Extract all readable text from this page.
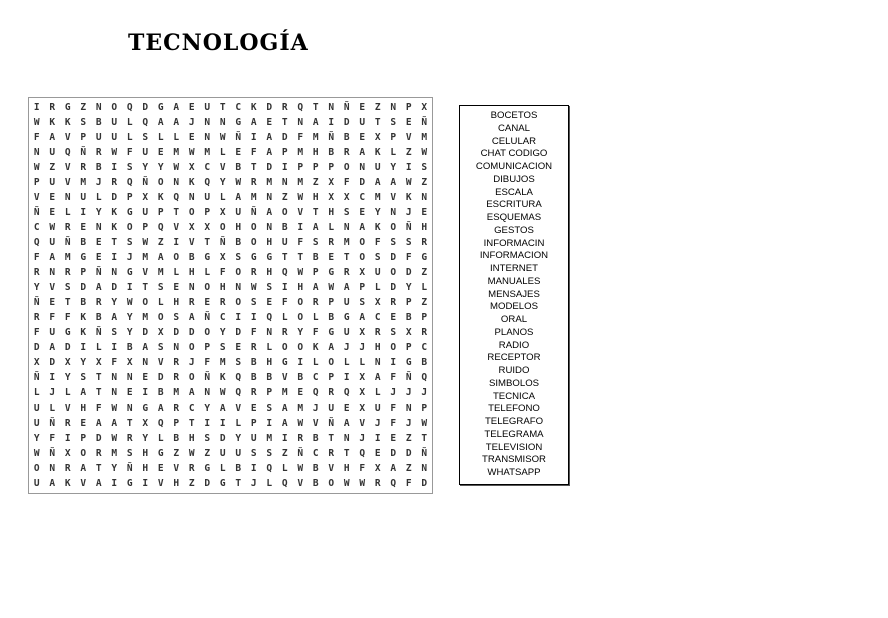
TECNOLOGÍA
I	R	G	Z	N	O	Q	D	G	A	E	U	T	C	K	D	R	Q	T	N	Ñ	E	Z	N	P	X
W	K	K	S	B	U	L	Q	A	A	J	N	N	G	A	E	T	N	A	I	D	U	T	S	E	Ñ
F	A	V	P	U	U	L	S	L	L	E	N	W	Ñ	I	A	D	F	M	Ñ	B	E	X	P	V	M
N	U	Q	Ñ	R	W	F	U	E	M	W	M	L	E	F	A	P	M	H	B	R	A	K	L	Z	W
W	Z	V	R	B	I	S	Y	Y	W	X	C	V	B	T	D	I	P	P	P	O	N	U	Y	I	S
P	U	V	M	J	R	Q	Ñ	O	N	K	Q	Y	W	R	M	N	M	Z	X	F	D	A	A	W	Z
V	E	N	U	L	D	P	X	K	Q	N	U	L	A	M	N	Z	W	H	X	X	C	M	V	K	N
Ñ	E	L	I	Y	K	G	U	P	T	O	P	X	U	Ñ	A	O	V	T	H	S	E	Y	N	J	E
C	W	R	E	N	K	O	P	Q	V	X	X	O	H	O	N	B	I	A	L	N	A	K	O	Ñ	H
Q	U	Ñ	B	E	T	S	W	Z	I	V	T	Ñ	B	O	H	U	F	S	R	M	O	F	S	S	R
F	A	M	G	E	I	J	M	A	O	B	G	X	S	G	G	T	T	B	E	T	O	S	D	F	G
R	N	R	P	Ñ	N	G	V	M	L	H	L	F	O	R	H	Q	W	P	G	R	X	U	O	D	Z
Y	V	S	D	A	D	I	T	S	E	N	O	H	N	W	S	I	H	A	W	A	P	L	D	Y	L
Ñ	E	T	B	R	Y	W	O	L	H	R	E	R	O	S	E	F	O	R	P	U	S	X	R	P	Z
R	F	F	K	B	A	Y	M	O	S	A	Ñ	C	I	I	Q	L	O	L	B	G	A	C	E	B	P
F	U	G	K	Ñ	S	Y	D	X	D	D	O	Y	D	F	N	R	Y	F	G	U	X	R	S	X	R
D	A	D	I	L	I	B	A	S	N	O	P	S	E	R	L	O	O	K	A	J	J	H	O	P	C
X	D	X	Y	X	F	X	N	V	R	J	F	M	S	B	H	G	I	L	O	L	L	N	I	G	B
Ñ	I	Y	S	T	N	N	E	D	R	O	Ñ	K	Q	B	B	V	B	C	P	I	X	A	F	Ñ	Q
L	J	L	A	T	N	E	I	B	M	A	N	W	Q	R	P	M	E	Q	R	Q	X	L	J	J	J
U	L	V	H	F	W	N	G	A	R	C	Y	A	V	E	S	A	M	J	U	E	X	U	F	N	P
U	Ñ	R	E	A	A	T	X	Q	P	T	I	I	L	P	I	A	W	V	Ñ	A	V	J	F	J	W
Y	F	I	P	D	W	R	Y	L	B	H	S	D	Y	U	M	I	R	B	T	N	J	I	E	Z	T
W	Ñ	X	O	R	M	S	H	G	Z	W	Z	U	U	S	S	Z	Ñ	C	R	T	Q	E	D	D	Ñ
O	N	R	A	T	Y	Ñ	H	E	V	R	G	L	B	I	Q	L	W	B	V	H	F	X	A	Z	N
U	A	K	V	A	I	G	I	V	H	Z	D	G	T	J	L	Q	V	B	O	W	W	R	Q	F	D
BOCETOS
CANAL
CELULAR
CHAT CODIGO
COMUNICACION
DIBUJOS
ESCALA
ESCRITURA
ESQUEMAS
GESTOS
INFORMACIN
INFORMACION
INTERNET
MANUALES
MENSAJES
MODELOS
ORAL
PLANOS
RADIO
RECEPTOR
RUIDO
SIMBOLOS
TECNICA
TELEFONO
TELEGRAFO
TELEGRAMA
TELEVISION
TRANSMISOR
WHATSAPP
